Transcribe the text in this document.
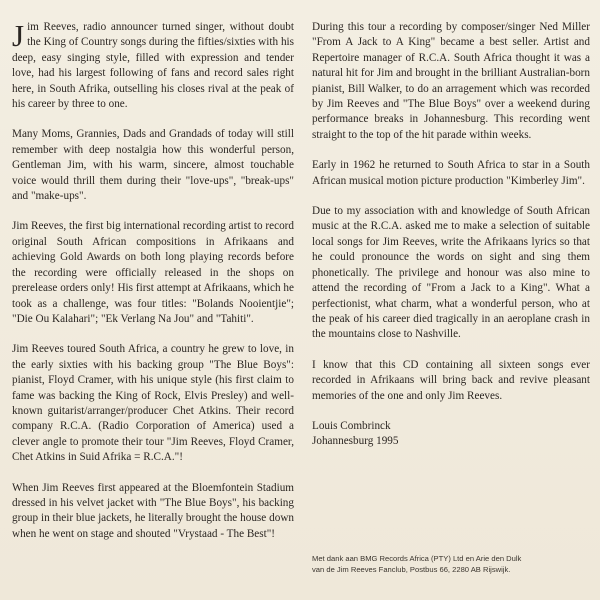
Jim Reeves, radio announcer turned singer, without doubt the King of Country songs during the fifties/sixties with his deep, easy singing style, filled with expression and tender love, had his largest following of fans and record sales right here, in South Afrika, outselling his closes rival at the peak of his career by three to one.

Many Moms, Grannies, Dads and Grandads of today will still remember with deep nostalgia how this wonderful person, Gentleman Jim, with his warm, sincere, almost touchable voice would thrill them during their "love-ups", "break-ups" and "make-ups".

Jim Reeves, the first big international recording artist to record original South African compositions in Afrikaans and achieving Gold Awards on both long playing records before the recording were officially released in the shops on prerelease orders only! His first attempt at Afrikaans, which he took as a challenge, was four titles: "Bolands Nooientjie"; "Die Ou Kalahari"; "Ek Verlang Na Jou" and "Tahiti".

Jim Reeves toured South Africa, a country he grew to love, in the early sixties with his backing group "The Blue Boys": pianist, Floyd Cramer, with his unique style (his first claim to fame was backing the King of Rock, Elvis Presley) and well-known guitarist/arranger/producer Chet Atkins. Their record company R.C.A. (Radio Corporation of America) used a clever angle to promote their tour "Jim Reeves, Floyd Cramer, Chet Atkins in Suid Afrika = R.C.A."!

When Jim Reeves first appeared at the Bloemfontein Stadium dressed in his velvet jacket with "The Blue Boys", his backing group in their blue jackets, he literally brought the house down when he went on stage and shouted "Vrystaad - The Best"!

During this tour a recording by composer/singer Ned Miller "From A Jack to A King" became a best seller. Artist and Repertoire manager of R.C.A. South Africa thought it was a natural hit for Jim and brought in the brilliant Australian-born pianist, Bill Walker, to do an arragement which was recorded by Jim Reeves and "The Blue Boys" over a weekend during performance breaks in Johannesburg. This recording went straight to the top of the hit parade within weeks.

Early in 1962 he returned to South Africa to star in a South African musical motion picture production "Kimberley Jim".

Due to my association with and knowledge of South African music at the R.C.A. asked me to make a selection of suitable local songs for Jim Reeves, write the Afrikaans lyrics so that he could pronounce the words on sight and sing them phonetically. The privilege and honour was also mine to attend the recording of "From a Jack to a King". What a perfectionist, what charm, what a wonderful person, who at the peak of his career died tragically in an aeroplane crash in the mountains close to Nashville.

I know that this CD containing all sixteen songs ever recorded in Afrikaans will bring back and revive pleasant memories of the one and only Jim Reeves.

Louis Combrinck
Johannesburg 1995

Met dank aan BMG Records Africa (PTY) Ltd en Arie den Dulk
van de Jim Reeves Fanclub, Postbus 66, 2280 AB Rijswijk.
